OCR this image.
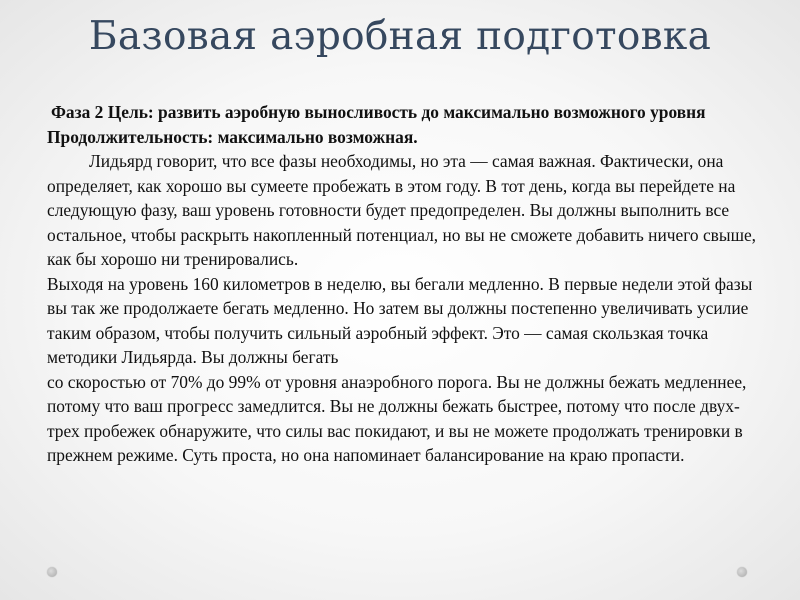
Базовая аэробная подготовка

Фаза 2 Цель: развить аэробную выносливость до максимально возможного уровня

Продолжительность: максимально возможная.

Лидьярд говорит, что все фазы необходимы, но эта — самая важная. Фактически, она определяет, как хорошо вы сумеете пробежать в этом году. В тот день, когда вы перейдете на следующую фазу, ваш уровень готовности будет предопределен. Вы должны выполнить все остальное, чтобы раскрыть накопленный потенциал, но вы не сможете добавить ничего свыше, как бы хорошо ни тренировались.

Выходя на уровень 160 километров в неделю, вы бегали медленно. В первые недели этой фазы вы так же продолжаете бегать медленно. Но затем вы должны постепенно увеличивать усилие таким образом, чтобы получить сильный аэробный эффект. Это — самая скользкая точка методики Лидьярда. Вы должны бегать

со скоростью от 70% до 99% от уровня анаэробного порога. Вы не должны бежать медленнее, потому что ваш прогресс замедлится. Вы не должны бежать быстрее, потому что после двух-трех пробежек обнаружите, что силы вас покидают, и вы не можете продолжать тренировки в прежнем режиме. Суть проста, но она напоминает балансирование на краю пропасти.
